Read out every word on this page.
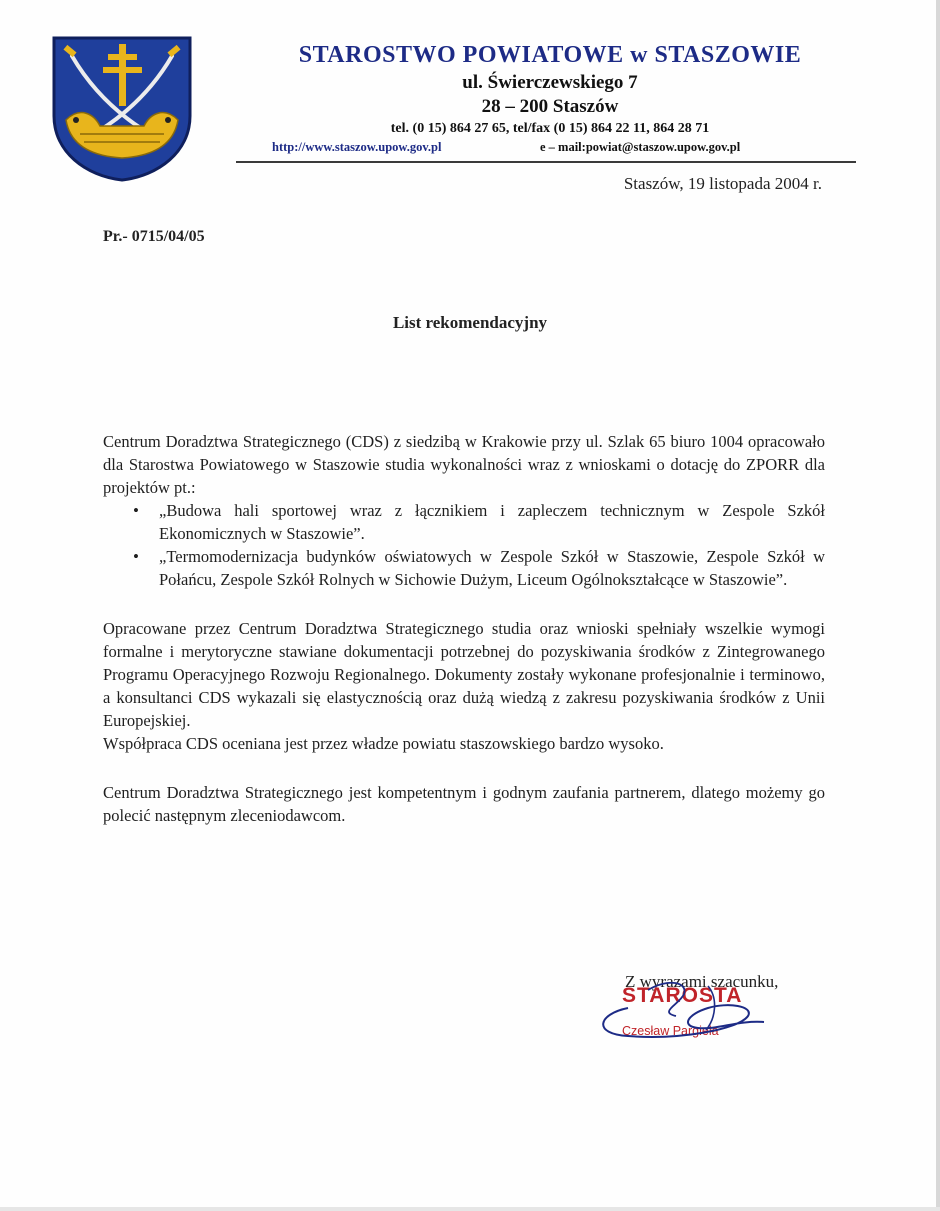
STAROSTWO POWIATOWE w STASZOWIE
ul. Świerczewskiego 7
28 – 200 Staszów
tel. (0 15) 864 27 65, tel/fax (0 15) 864 22 11, 864 28 71
http://www.staszow.upow.gov.pl	e – mail:powiat@staszow.upow.gov.pl
Staszów, 19 listopada 2004 r.
Pr.- 0715/04/05
List rekomendacyjny

Centrum Doradztwa Strategicznego (CDS) z siedzibą w Krakowie przy ul. Szlak 65 biuro 1004 opracowało dla Starostwa Powiatowego w Staszowie studia wykonalności wraz z wnioskami o dotację do ZPORR dla projektów pt.:

• „Budowa hali sportowej wraz z łącznikiem i zapleczem technicznym w Zespole Szkół Ekonomicznych w Staszowie”.
• „Termomodernizacja budynków oświatowych w Zespole Szkół w Staszowie, Zespole Szkół w Połańcu, Zespole Szkół Rolnych w Sichowie Dużym, Liceum Ogólnokształcące w Staszowie”.

Opracowane przez Centrum Doradztwa Strategicznego studia oraz wnioski spełniały wszelkie wymogi formalne i merytoryczne stawiane dokumentacji potrzebnej do pozyskiwania środków z Zintegrowanego Programu Operacyjnego Rozwoju Regionalnego. Dokumenty zostały wykonane profesjonalnie i terminowo, a konsultanci CDS wykazali się elastycznością oraz dużą wiedzą z zakresu pozyskiwania środków z Unii Europejskiej.

Współpraca CDS oceniana jest przez władze powiatu staszowskiego bardzo wysoko.

Centrum Doradztwa Strategicznego jest kompetentnym i godnym zaufania partnerem, dlatego możemy go polecić następnym zleceniodawcom.

Z wyrazami szacunku,
STAROSTA
Czesław Pargieła
